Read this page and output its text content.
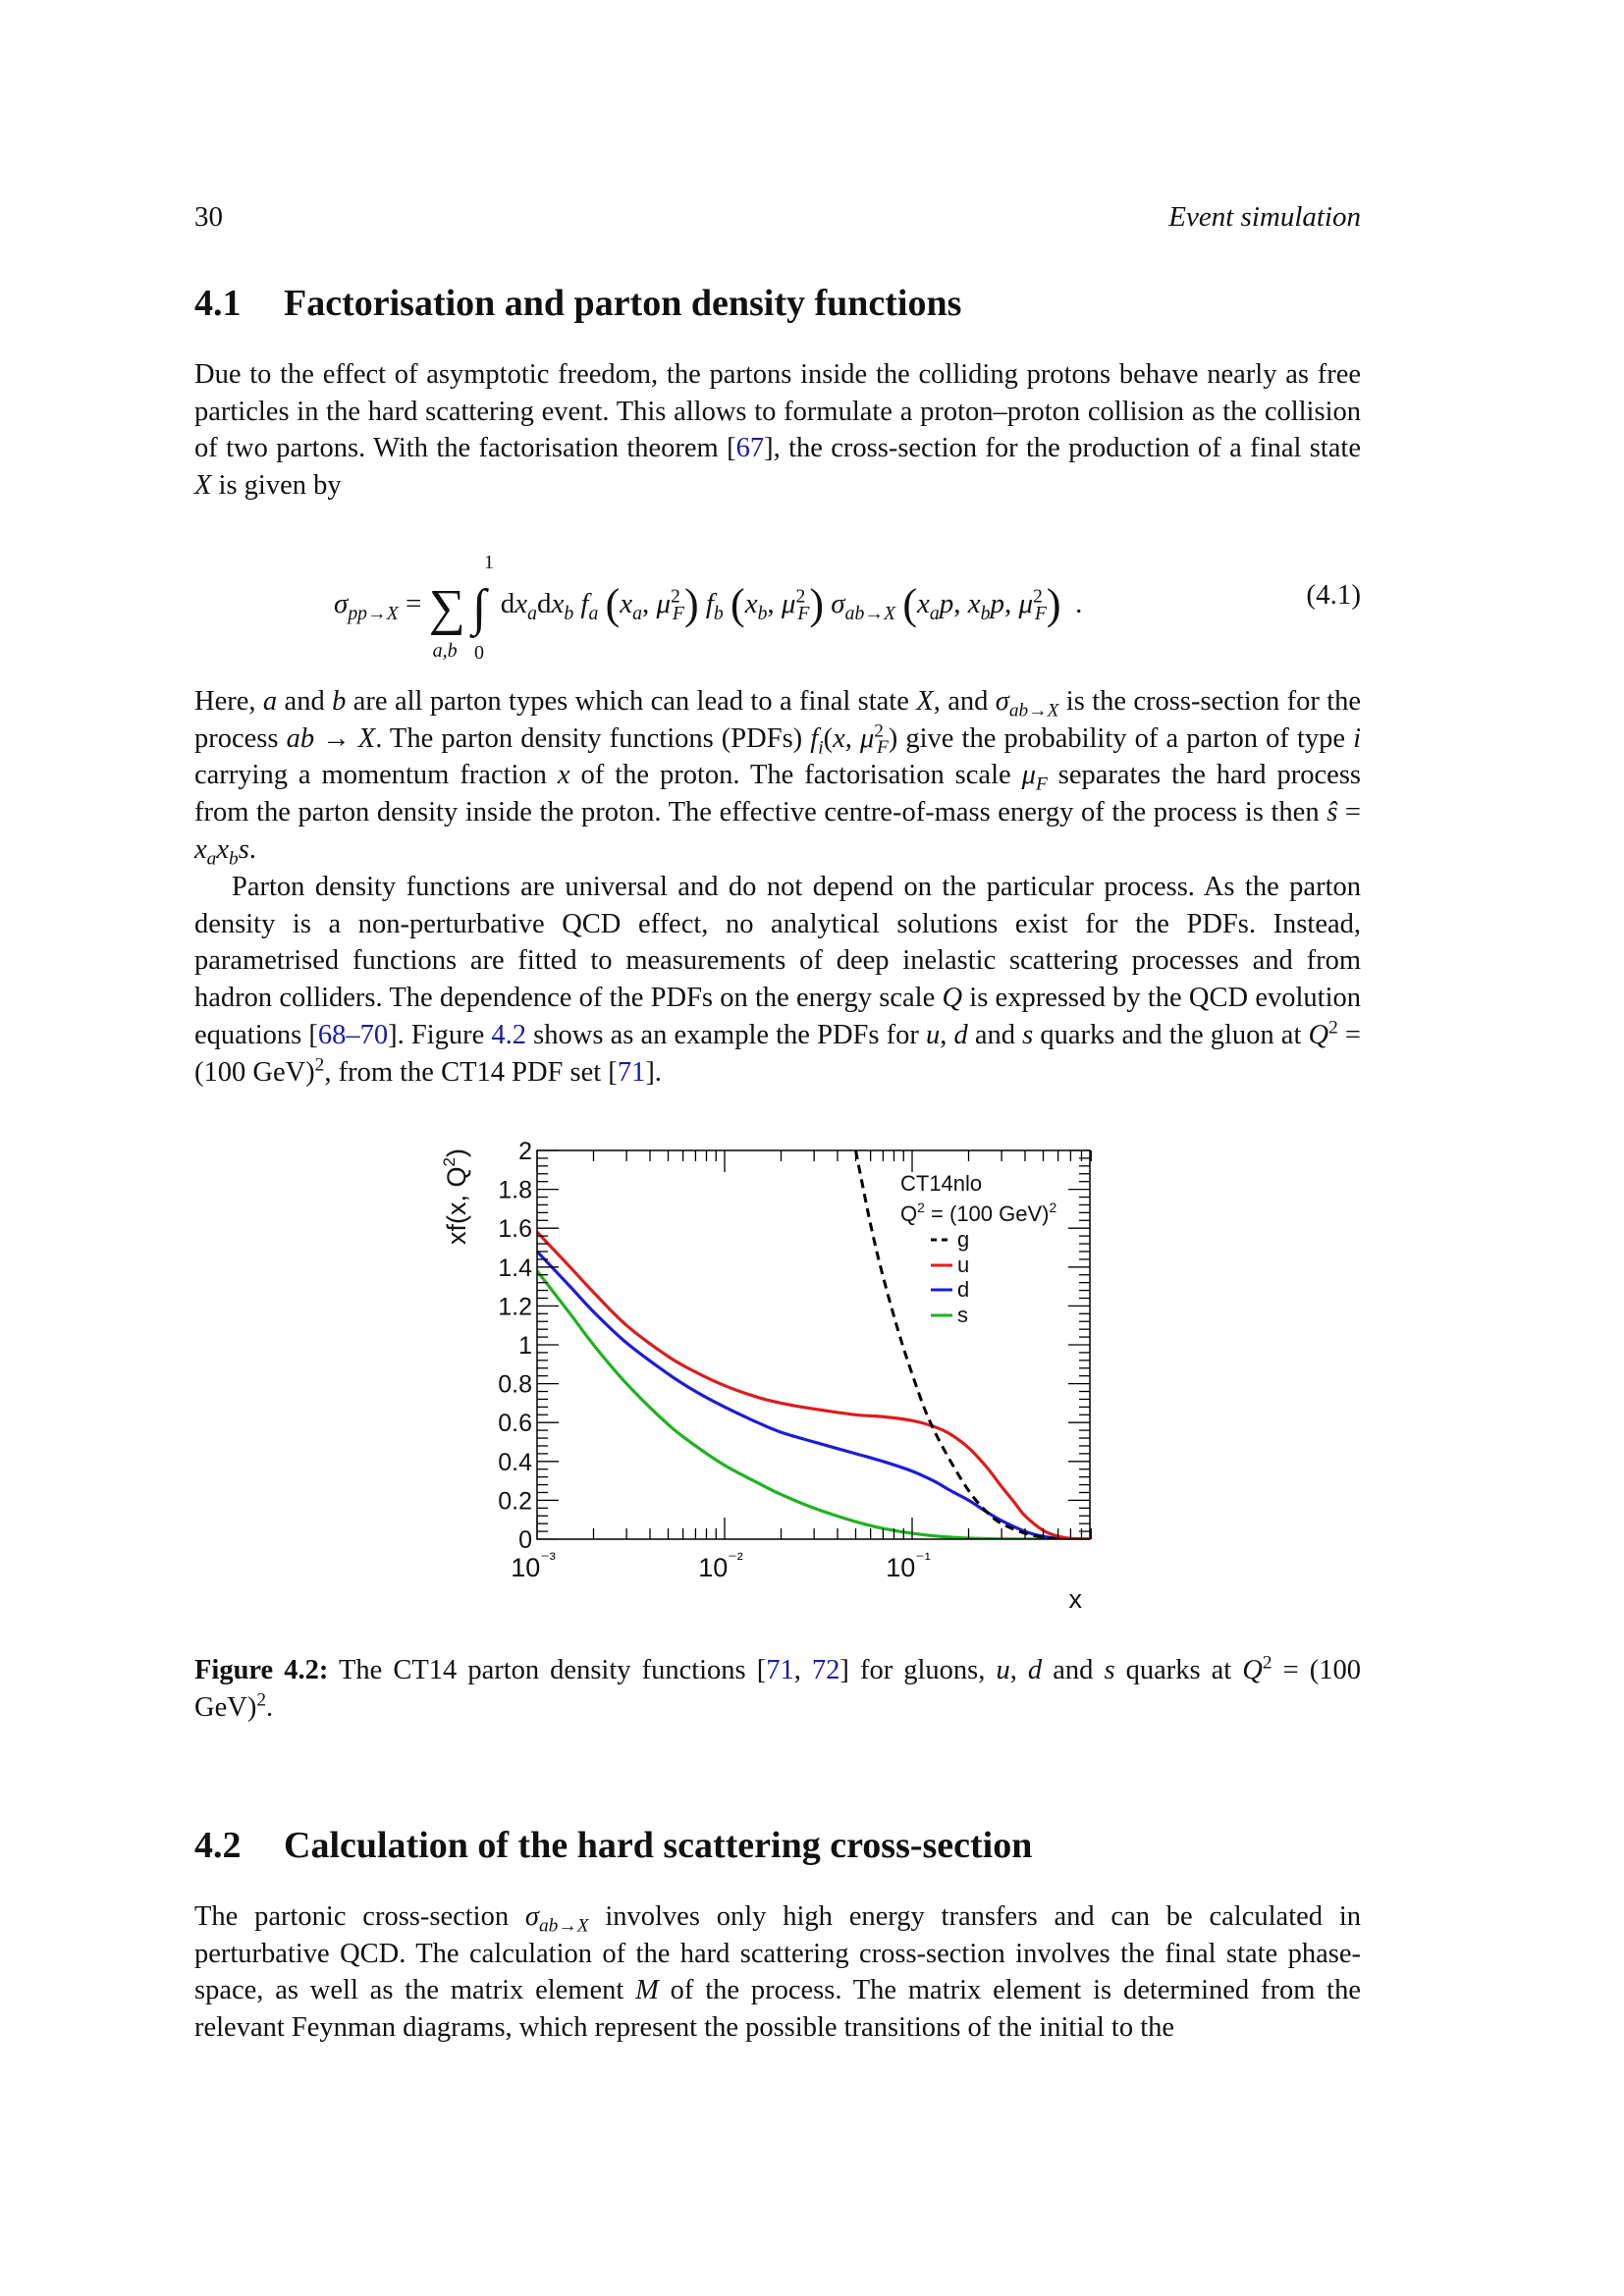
30	Event simulation
4.1 Factorisation and parton density functions

Due to the effect of asymptotic freedom, the partons inside the colliding protons behave nearly as free particles in the hard scattering event. This allows to formulate a proton–proton collision as the collision of two partons. With the factorisation theorem [67], the cross-section for the production of a final state X is given by

$\sigma_{pp\to X}$ = ∑
a,b
∫
1
0
$dx_adx_b$ $f_a$ ($x_a$, $\mu^2_F$) $f_b$ ($x_b$, $\mu^2_F$) $\sigma_{ab\to X}$ ($x_ap$, $x_bp$, $\mu^2_F$)  .	(4.1)

Here, a and b are all parton types which can lead to a final state X, and $\sigma_{ab\to X}$ is the cross-section for the process ab → X. The parton density functions (PDFs) $f_i(x$, $\mu^2_F$) give the probability of a parton of type i carrying a momentum fraction x of the proton. The factorisation scale $\mu_F$ separates the hard process from the parton density inside the proton. The effective centre-of-mass energy of the process is then ŝ = $x_ax_bs$.

Parton density functions are universal and do not depend on the particular process. As the parton density is a non-perturbative QCD effect, no analytical solutions exist for the PDFs. Instead, parametrised functions are fitted to measurements of deep inelastic scattering processes and from hadron colliders. The dependence of the PDFs on the energy scale Q is expressed by the QCD evolution equations [68–70]. Figure 4.2 shows as an example the PDFs for u, d and s quarks and the gluon at $Q^2 = (100$ GeV)$^2$, from the CT14 PDF set [71].

0
0.2
0.4
0.6
0.8
1
1.2
1.4
1.6
1.8
2
$10^{^{-3}}$	$10^{^{-2}}$	$10^{^{-1}}$
x
xf(x, $Q^2$)
CT14nlo
$Q^2 = (100$ GeV)$^2$
g
u
d
s
Figure 4.2: The CT14 parton density functions [71, 72] for gluons, u, d and s quarks at $Q^2 = (100$ GeV)$^2$.
4.2 Calculation of the hard scattering cross-section

The partonic cross-section $\sigma_{ab\to X}$ involves only high energy transfers and can be calculated in perturbative QCD. The calculation of the hard scattering cross-section involves the final state phase-space, as well as the matrix element M of the process. The matrix element is determined from the relevant Feynman diagrams, which represent the possible transitions of the initial to the
